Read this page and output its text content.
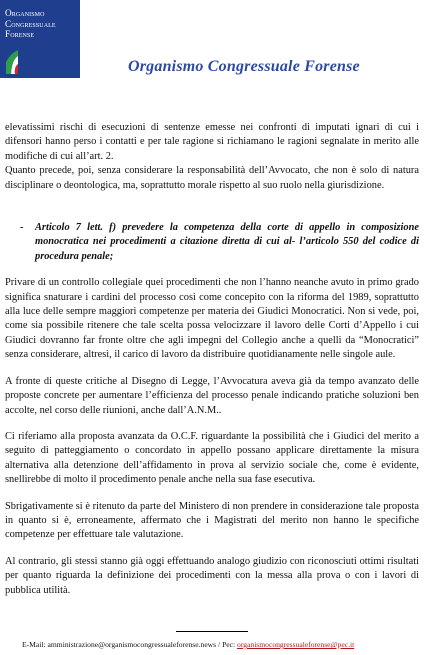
Organismo
Congressuale
Forense
Organismo Congressuale Forense

elevatissimi rischi di esecuzioni di sentenze emesse nei confronti di imputati ignari di cui i difensori hanno perso i contatti e per tale ragione si richiamano le ragioni segnalate in merito alle modifiche di cui all’art. 2.

Quanto precede, poi, senza considerare la responsabilità dell’Avvocato, che non è solo di natura disciplinare o deontologica, ma, soprattutto morale rispetto al suo ruolo nella giurisdizione.

- Articolo 7 lett. f) prevedere la competenza della corte di appello in composizione monocratica nei procedimenti a citazione diretta di cui al- l’articolo 550 del codice di procedura penale;

Privare di un controllo collegiale quei procedimenti che non l’hanno neanche avuto in primo grado significa snaturare i cardini del processo così come concepito con la riforma del 1989, soprattutto alla luce delle sempre maggiori competenze per materia dei Giudici Monocratici. Non si vede, poi, come sia possibile ritenere che tale scelta possa velocizzare il lavoro delle Corti d’Appello i cui Giudici dovranno far fronte oltre che agli impegni del Collegio anche a quelli da “Monocratici” senza considerare, altresì, il carico di lavoro da distribuire quotidianamente nelle singole aule.

A fronte di queste critiche al Disegno di Legge, l’Avvocatura aveva già da tempo avanzato delle proposte concrete per aumentare l’efficienza del processo penale indicando pratiche soluzioni ben accolte, nel corso delle riunioni, anche dall’A.N.M..

Ci riferiamo alla proposta avanzata da O.C.F. riguardante la possibilità che i Giudici del merito a seguito di patteggiamento o concordato in appello possano applicare direttamente la misura alternativa alla detenzione dell’affidamento in prova al servizio sociale che, come è evidente, snellirebbe di molto il procedimento penale anche nella sua fase esecutiva.

Sbrigativamente si è ritenuto da parte del Ministero di non prendere in considerazione tale proposta in quanto si è, erroneamente, affermato che i Magistrati del merito non hanno le specifiche competenze per effettuare tale valutazione.

Al contrario, gli stessi stanno già oggi effettuando analogo giudizio con riconosciuti ottimi risultati per quanto riguarda la definizione dei procedimenti con la messa alla prova o con i lavori di pubblica utilità.

E-Mail: amministrazione@organismocongressualeforense.news / Pec: organismocongressualeforense@pec.it
